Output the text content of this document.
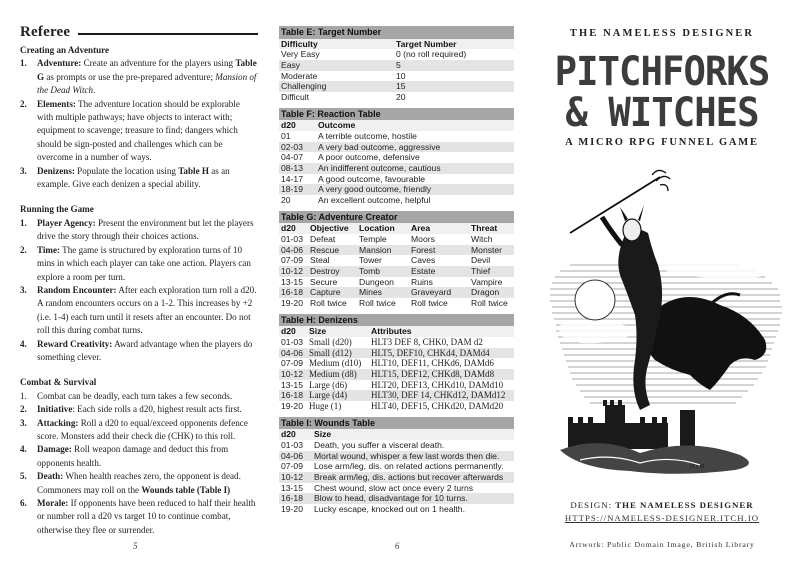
Referee
Creating an Adventure
1. Adventure: Create an adventure for the players using Table G as prompts or use the pre-prepared adventure; Mansion of the Dead Witch.
2. Elements: The adventure location should be explorable with multiple pathways; have objects to interact with; equipment to scavenge; treasure to find; dangers which should be sign-posted and challenges which can be overcome in a number of ways.
3. Denizens: Populate the location using Table H as an example. Give each denizen a special ability.
Running the Game
1. Player Agency: Present the environment but let the players drive the story through their choices actions.
2. Time: The game is structured by exploration turns of 10 mins in which each player can take one action. Players can explore a room per turn.
3. Random Encounter: After each exploration turn roll a d20. A random encounters occurs on a 1-2. This increases by +2 (i.e. 1-4) each turn until it resets after an encounter. Do not roll this during combat turns.
4. Reward Creativity: Award advantage when the players do something clever.
Combat & Survival
1. Combat can be deadly, each turn takes a few seconds.
2. Initiative: Each side rolls a d20, highest result acts first.
3. Attacking: Roll a d20 to equal/exceed opponents defence score. Monsters add their check die (CHK) to this roll.
4. Damage: Roll weapon damage and deduct this from opponents health.
5. Death: When health reaches zero, the opponent is dead. Commoners may roll on the Wounds table (Table I)
6. Morale: If opponents have been reduced to half their health or number roll a d20 vs target 10 to continue combat, otherwise they flee or surrender.
5
Table E: Target Number
Difficulty	Target Number
Very Easy	0 (no roll required)
Easy	5
Moderate	10
Challenging	15
Difficult	20
Table F: Reaction Table
d20	Outcome
01	A terrible outcome, hostile
02-03	A very bad outcome, aggressive
04-07	A poor outcome, defensive
08-13	An indifferent outcome, cautious
14-17	A good outcome, favourable
18-19	A very good outcome, friendly
20	An excellent outcome, helpful
Table G: Adventure Creator
d20	Objective	Location	Area	Threat
01-03 Defeat	Temple	Moors	Witch
04-06 Rescue	Mansion	Forest	Monster
07-09 Steal	Tower	Caves	Devil
10-12 Destroy	Tomb	Estate	Thief
13-15 Secure	Dungeon	Ruins	Vampire
16-18 Capture	Mines	Graveyard	Dragon
19-20 Roll twice	Roll twice	Roll twice	Roll twice
Table H: Denizens
d20	Size	Attributes
01-03 Small (d20)	HLT3 DEF 8, CHK0, DAM d2
04-06 Small (d12)	HLT5, DEF10, CHKd4, DAMd4
07-09 Medium (d10)	HLT10, DEF11, CHKd6, DAMd6
10-12 Medium (d8)	HLT15, DEF12, CHKd8, DAMd8
13-15 Large (d6)	HLT20, DEF13, CHKd10, DAMd10
16-18 Large (d4)	HLT30, DEF 14, CHKd12, DAMd12
19-20 Huge (1)	HLT40, DEF15, CHKd20, DAMd20
Table I: Wounds Table
d20	Size
01-03	Death, you suffer a visceral death.
04-06	Mortal wound, whisper a few last words then die.
07-09	Lose arm/leg, dis. on related actions permanently.
10-12	Break arm/leg, dis. actions but recover afterwards
13-15	Chest wound, slow act once every 2 turns
16-18	Blow to head, disadvantage for 10 turns.
19-20	Lucky escape, knocked out on 1 health.
6
THE NAMELESS DESIGNER
PITCHFORKS
& WITCHES
A MICRO RPG FUNNEL GAME
H.v.M
DESIGN: THE NAMELESS DESIGNER
HTTPS://NAMELESS-DESIGNER.ITCH.IO
Artwork: Public Domain Image, British Library
